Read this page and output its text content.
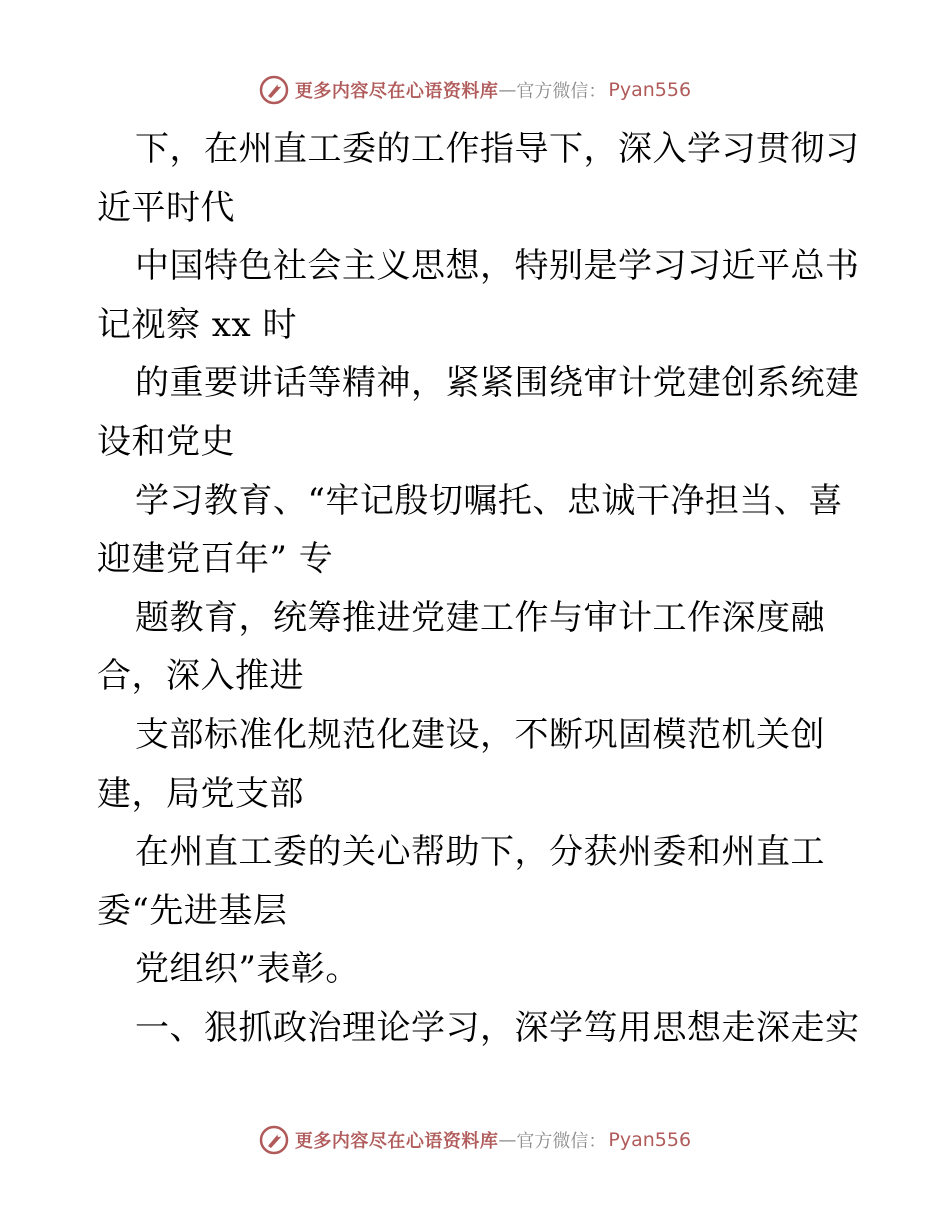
更多内容尽在心语资料库 — 官方微信： Pyan556
下，在州直工委的工作指导下，深入学习贯彻习
近平时代
中国特色社会主义思想，特别是学习习近平总书
记视察 xx 时
的重要讲话等精神，紧紧围绕审计党建创系统建
设和党史
学习教育、“牢记殷切嘱托、忠诚干净担当、喜
迎建党百年” 专
题教育，统筹推进党建工作与审计工作深度融
合，深入推进
支部标准化规范化建设，不断巩固模范机关创
建，局党支部
在州直工委的关心帮助下，分获州委和州直工
委“先进基层
党组织”表彰。
一、狠抓政治理论学习，深学笃用思想走深走实
更多内容尽在心语资料库 — 官方微信： Pyan556
